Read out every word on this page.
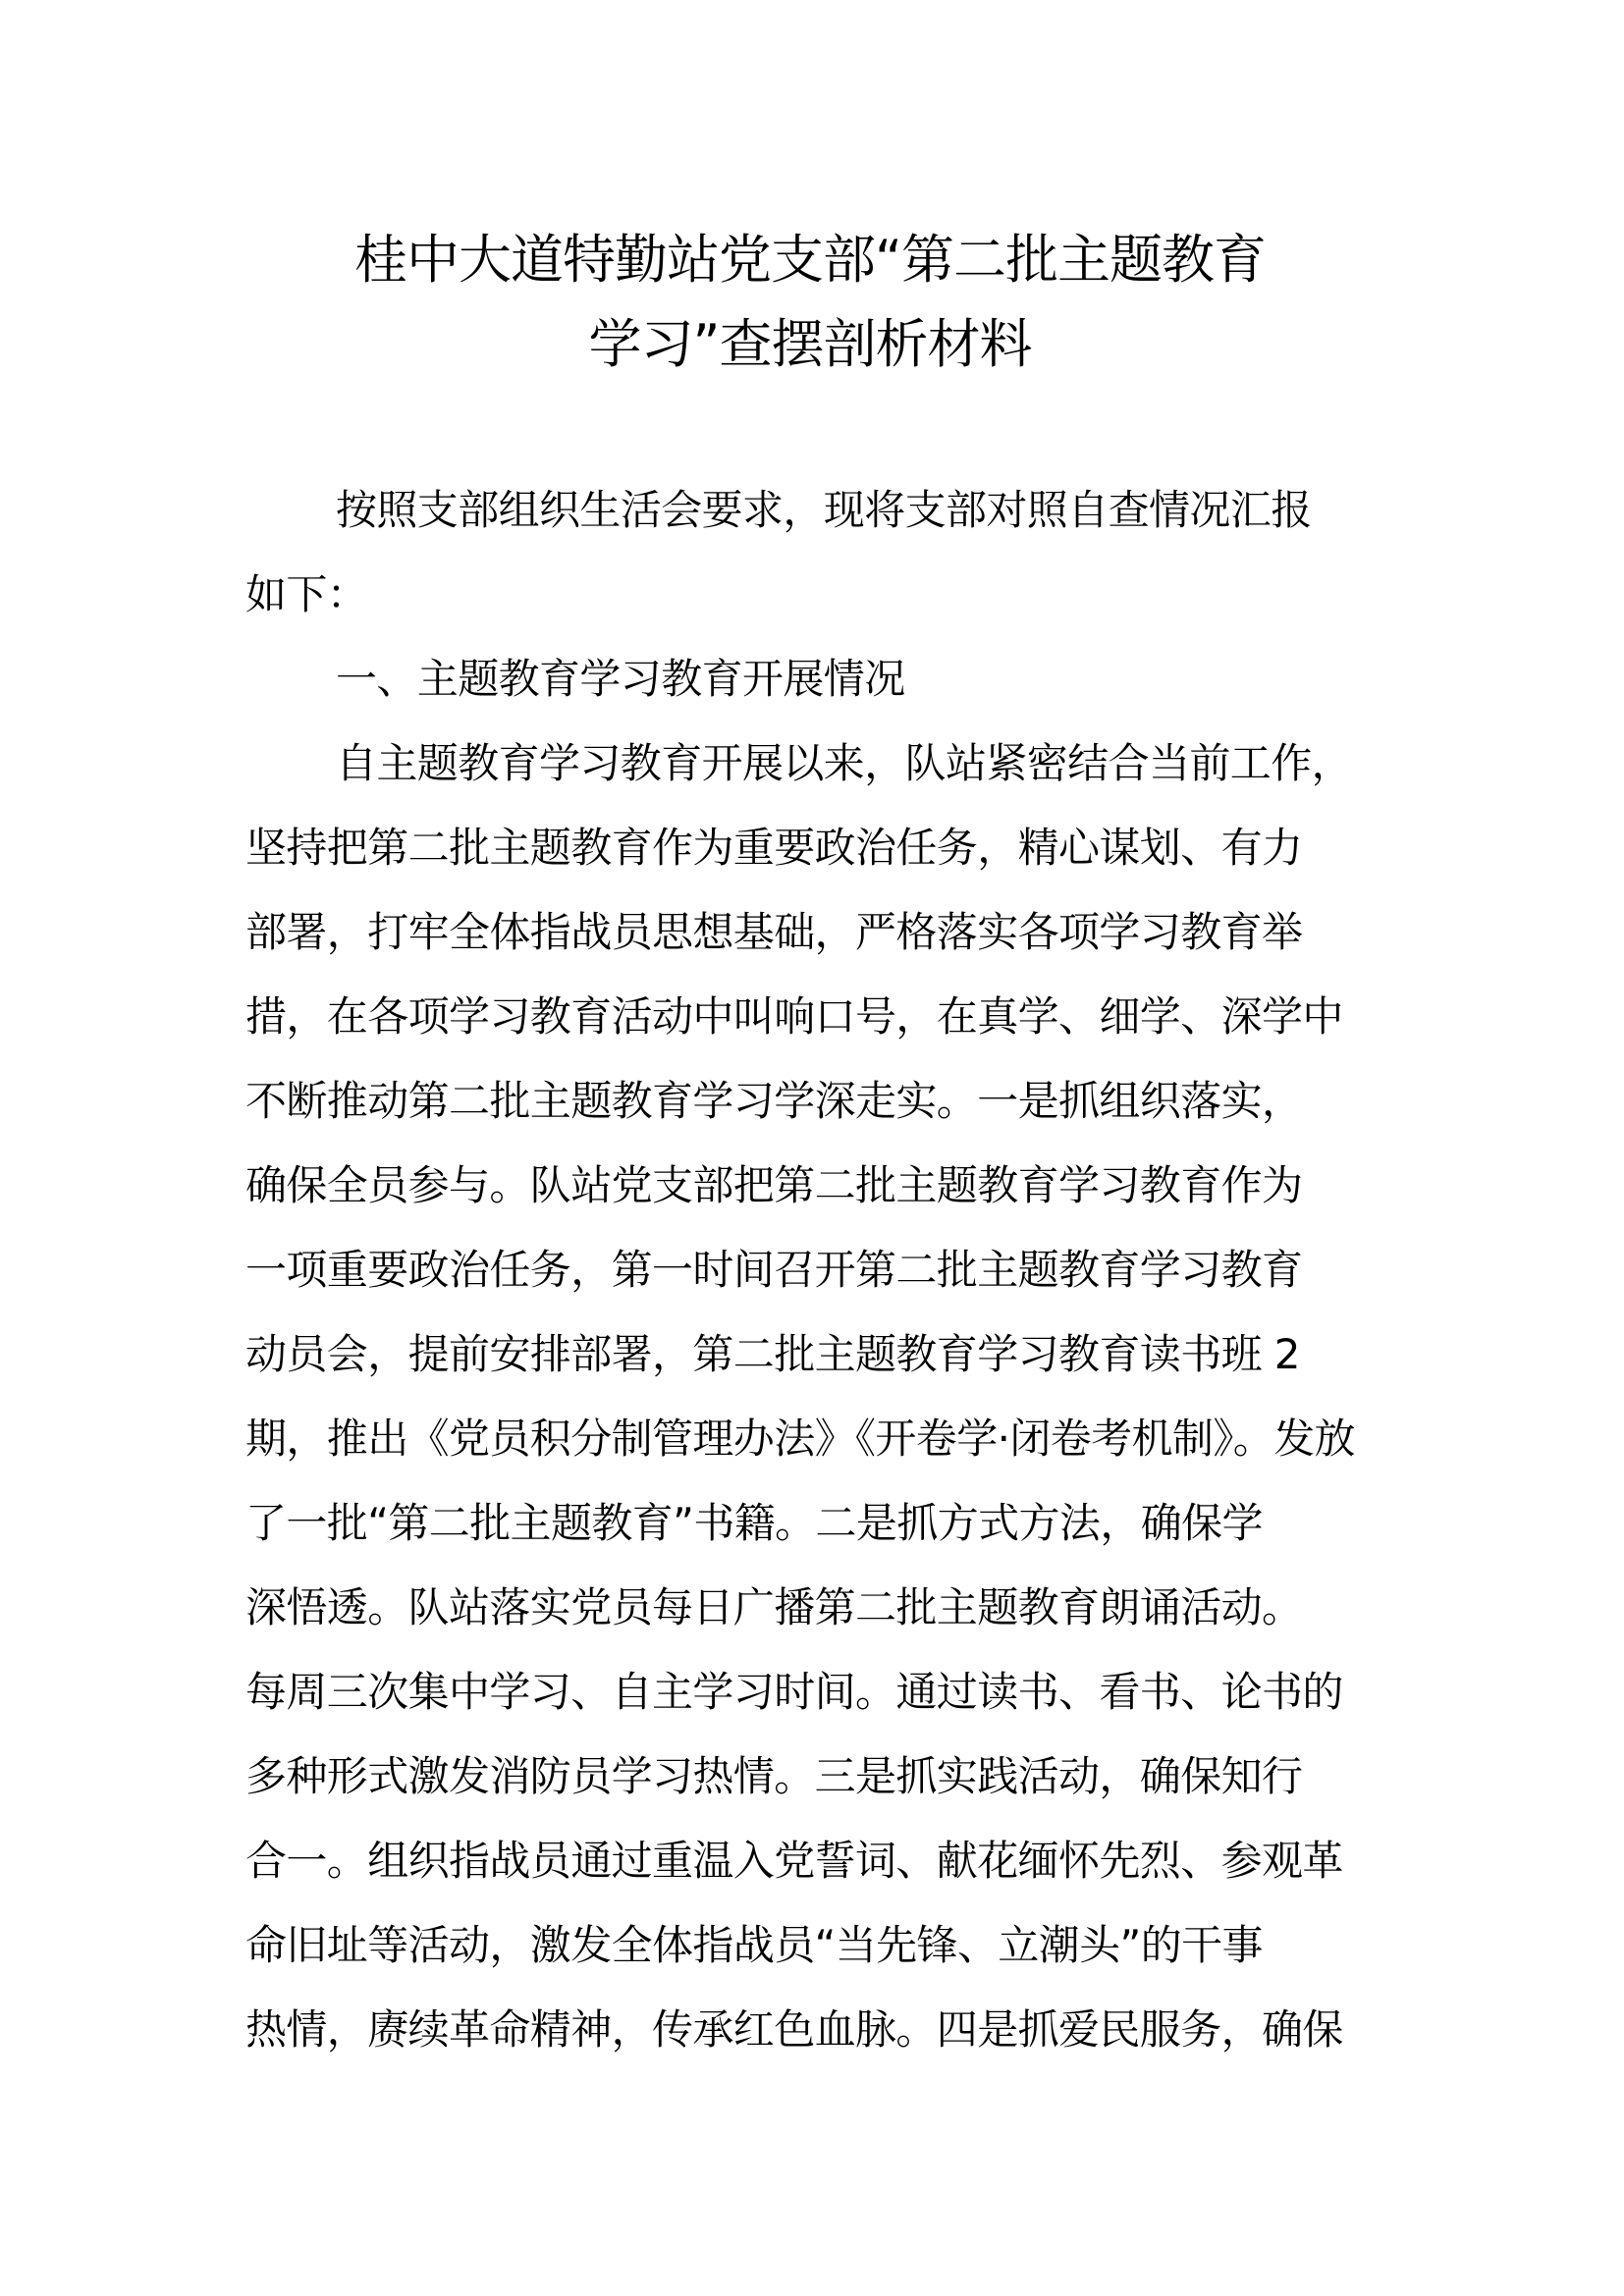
桂中大道特勤站党支部“第二批主题教育
学习”查摆剖析材料
按照支部组织生活会要求，现将支部对照自查情况汇报
如下：
一、主题教育学习教育开展情况
自主题教育学习教育开展以来，队站紧密结合当前工作，
坚持把第二批主题教育作为重要政治任务，精心谋划、有力
部署，打牢全体指战员思想基础，严格落实各项学习教育举
措，在各项学习教育活动中叫响口号，在真学、细学、深学中
不断推动第二批主题教育学习学深走实。一是抓组织落实，
确保全员参与。队站党支部把第二批主题教育学习教育作为
一项重要政治任务，第一时间召开第二批主题教育学习教育
动员会，提前安排部署，第二批主题教育学习教育读书班 2
期，推出《党员积分制管理办法》《开卷学·闭卷考机制》。发放
了一批“第二批主题教育”书籍。二是抓方式方法，确保学
深悟透。队站落实党员每日广播第二批主题教育朗诵活动。
每周三次集中学习、自主学习时间。通过读书、看书、论书的
多种形式激发消防员学习热情。三是抓实践活动，确保知行
合一。组织指战员通过重温入党誓词、献花缅怀先烈、参观革
命旧址等活动，激发全体指战员“当先锋、立潮头”的干事
热情，赓续革命精神，传承红色血脉。四是抓爱民服务，确保
